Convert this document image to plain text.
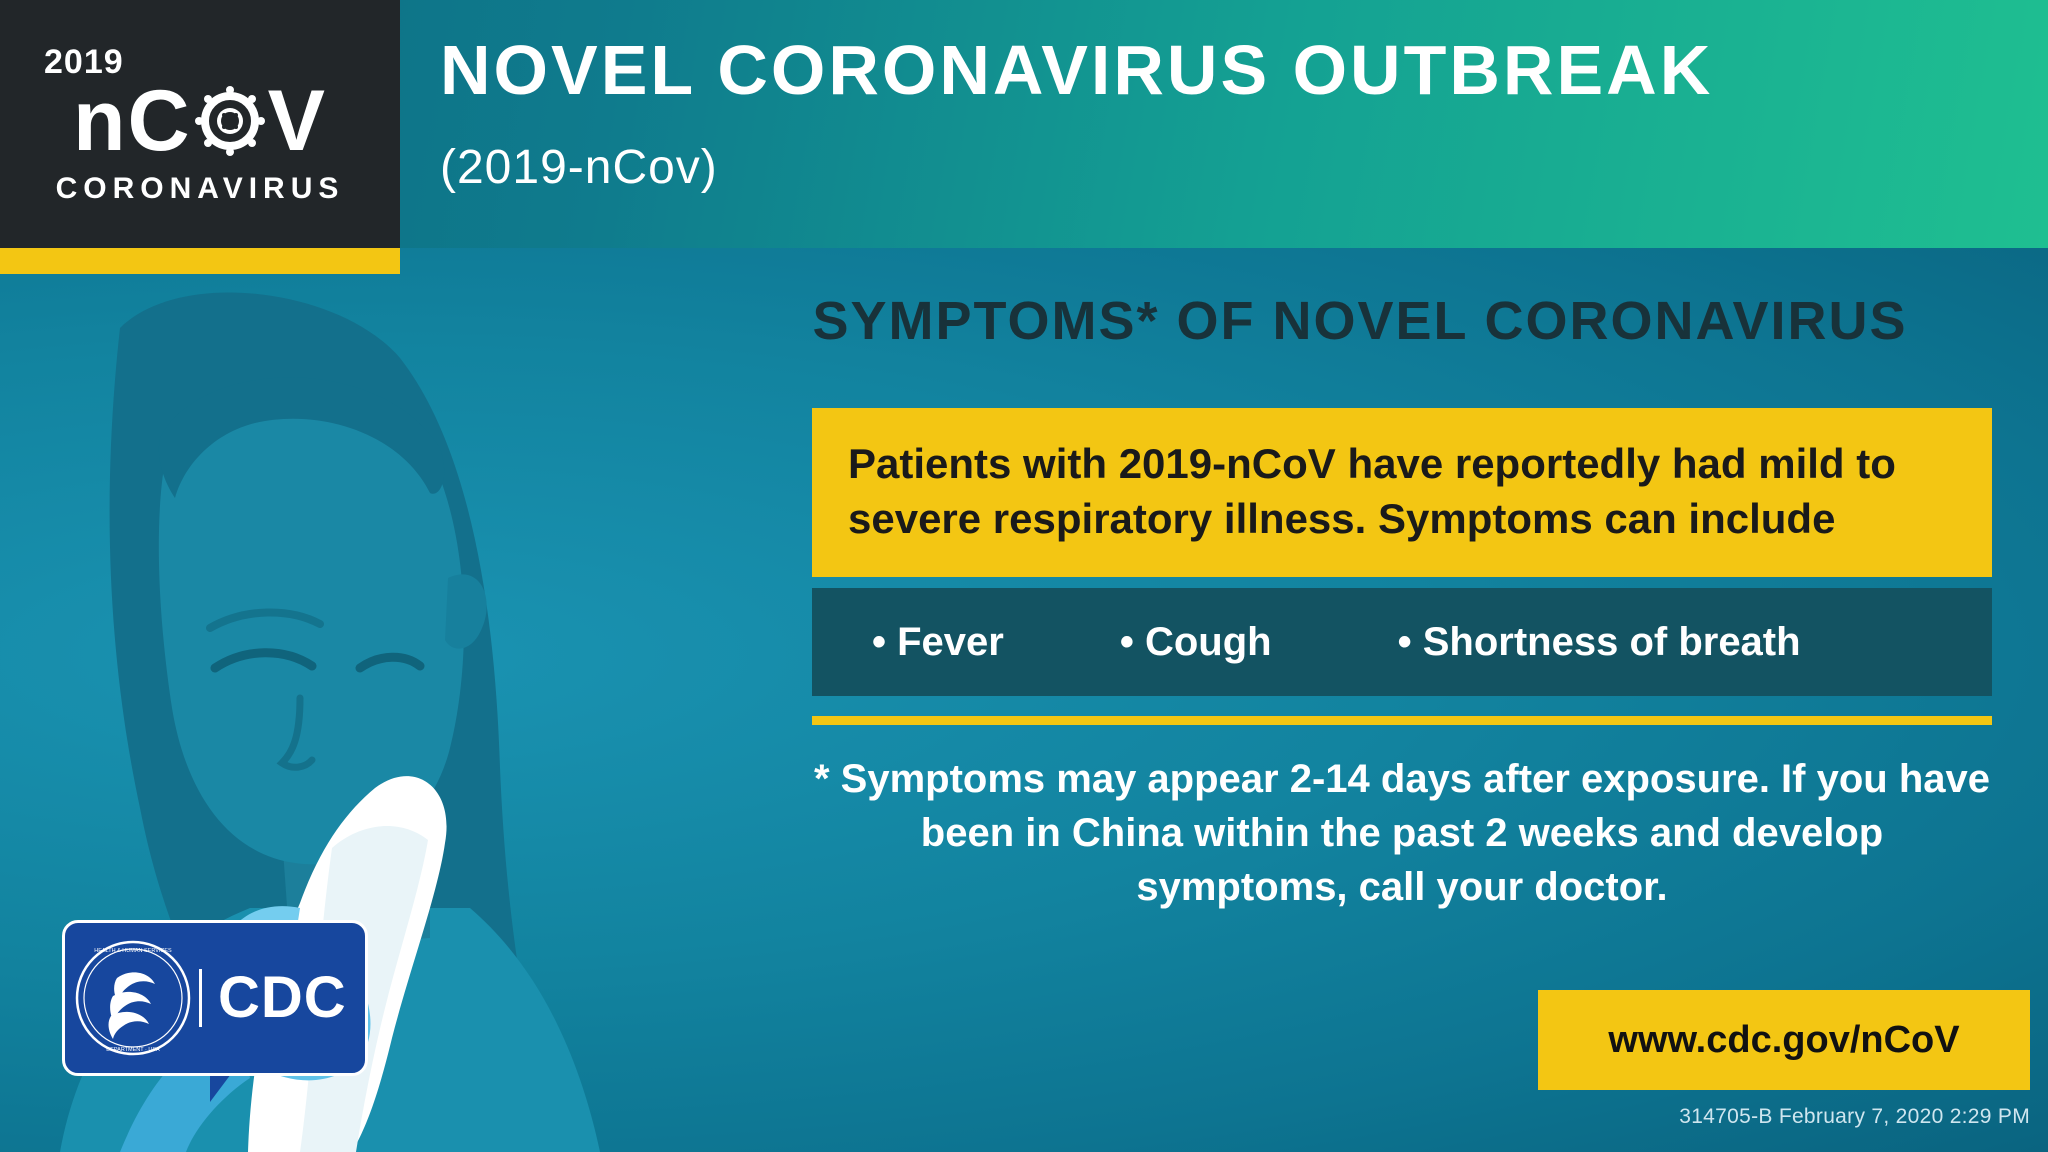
2019
nC V
CORONAVIRUS
NOVEL CORONAVIRUS OUTBREAK
(2019-nCov)
SYMPTOMS* OF NOVEL CORONAVIRUS
Patients with 2019-nCoV have reportedly had mild to severe respiratory illness. Symptoms can include
• Fever	• Cough	• Shortness of breath
* Symptoms may appear 2-14 days after exposure. If you have been in China within the past 2 weeks and develop symptoms, call your doctor.
www.cdc.gov/nCoV
314705-B February 7, 2020 2:29 PM
HEALTH & HUMAN SERVICES
DEPARTMENT · USA
CDC
